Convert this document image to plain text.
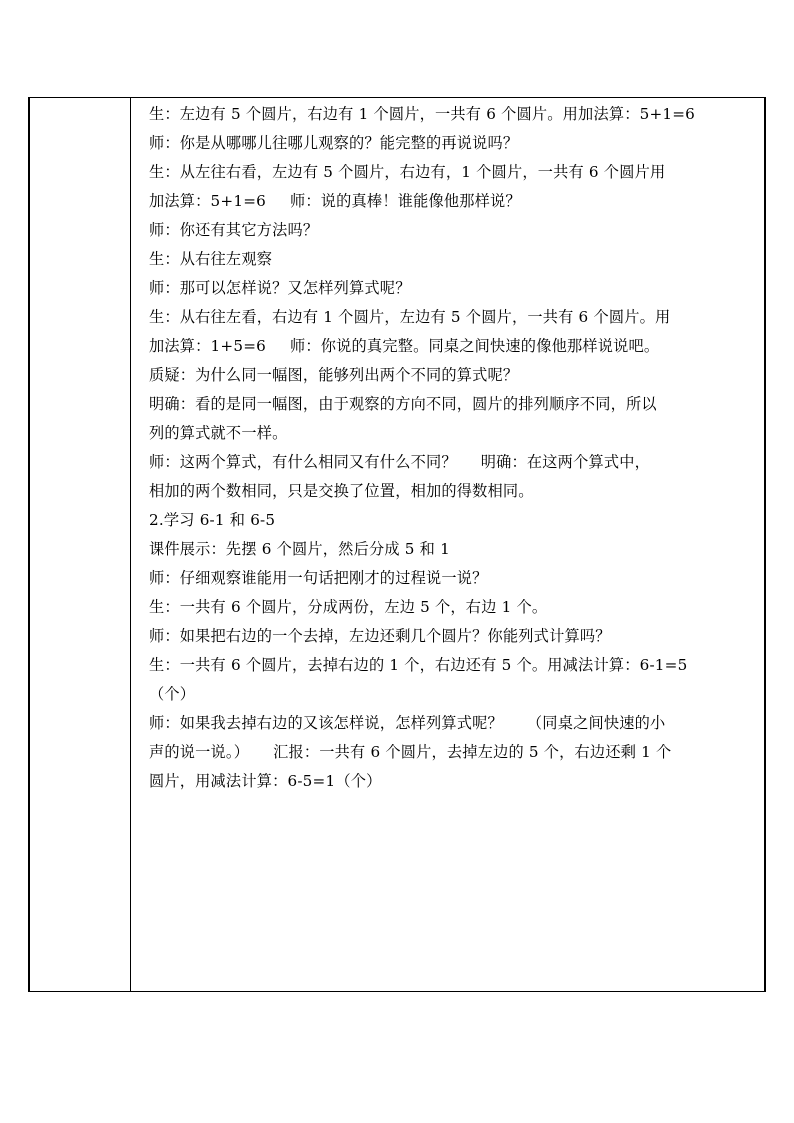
生：左边有 5 个圆片，右边有 1 个圆片，一共有 6 个圆片。用加法算：5+1=6
师：你是从哪哪儿往哪儿观察的？能完整的再说说吗？
生：从左往右看，左边有 5 个圆片，右边有，1 个圆片，一共有 6 个圆片用
加法算：5+1=6 师：说的真棒！谁能像他那样说？
师：你还有其它方法吗？
生：从右往左观察
师：那可以怎样说？又怎样列算式呢？
生：从右往左看，右边有 1 个圆片，左边有 5 个圆片，一共有 6 个圆片。用
加法算：1+5=6 师：你说的真完整。同桌之间快速的像他那样说说吧。
质疑：为什么同一幅图，能够列出两个不同的算式呢？
明确：看的是同一幅图，由于观察的方向不同，圆片的排列顺序不同，所以
列的算式就不一样。
师：这两个算式，有什么相同又有什么不同？ 明确：在这两个算式中，
相加的两个数相同，只是交换了位置，相加的得数相同。
2.学习 6-1 和 6-5
课件展示：先摆 6 个圆片，然后分成 5 和 1
师：仔细观察谁能用一句话把刚才的过程说一说？
生：一共有 6 个圆片，分成两份，左边 5 个，右边 1 个。
师：如果把右边的一个去掉，左边还剩几个圆片？你能列式计算吗？
生：一共有 6 个圆片，去掉右边的 1 个，右边还有 5 个。用减法计算：6-1=5
（个）
师：如果我去掉右边的又该怎样说，怎样列算式呢？ （同桌之间快速的小
声的说一说。） 汇报：一共有 6 个圆片，去掉左边的 5 个，右边还剩 1 个
圆片，用减法计算：6-5=1（个）
